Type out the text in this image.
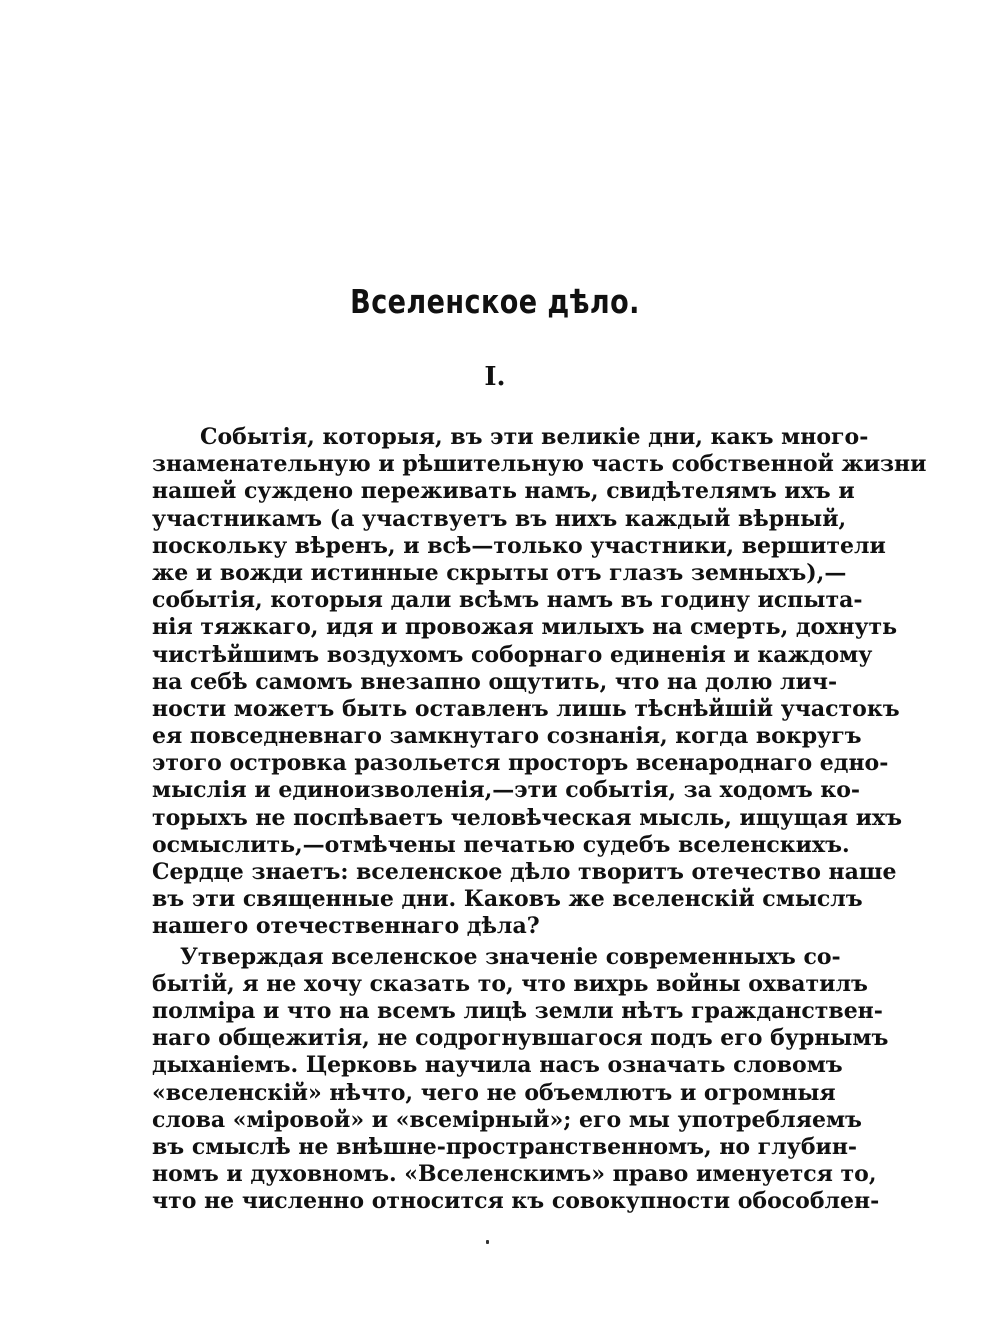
Вселенское дѣло.
I.
Событія, которыя, въ эти великіе дни, какъ много-
знаменательную и рѣшительную часть собственной жизни
нашей суждено переживать намъ, свидѣтелямъ ихъ и
участникамъ (а участвуетъ въ нихъ каждый вѣрный,
поскольку вѣренъ, и всѣ—только участники, вершители
же и вожди истинные скрыты отъ глазъ земныхъ),—
событія, которыя дали всѣмъ намъ въ годину испыта-
нія тяжкаго, идя и провожая милыхъ на смерть, дохнуть
чистѣйшимъ воздухомъ соборнаго единенія и каждому
на себѣ самомъ внезапно ощутить, что на долю лич-
ности можетъ быть оставленъ лишь тѣснѣйшій участокъ
ея повседневнаго замкнутаго сознанія, когда вокругъ
этого островка разольется просторъ всенароднаго едно-
мыслія и единоизволенія,—эти событія, за ходомъ ко-
торыхъ не поспѣваетъ человѣческая мысль, ищущая ихъ
осмыслить,—отмѣчены печатью судебъ вселенскихъ.
Сердце знаетъ: вселенское дѣло творитъ отечество наше
въ эти священные дни. Каковъ же вселенскій смыслъ
нашего отечественнаго дѣла?
Утверждая вселенское значеніе современныхъ со-
бытій, я не хочу сказать то, что вихрь войны охватилъ
полміра и что на всемъ лицѣ земли нѣтъ гражданствен-
наго общежитія, не содрогнувшагося подъ его бурнымъ
дыханіемъ. Церковь научила насъ означать словомъ
«вселенскій» нѣчто, чего не объемлютъ и огромныя
слова «міровой» и «всемірный»; его мы употребляемъ
въ смыслѣ не внѣшне-пространственномъ, но глубин-
номъ и духовномъ. «Вселенскимъ» право именуется то,
что не численно относится къ совокупности обособлен-
